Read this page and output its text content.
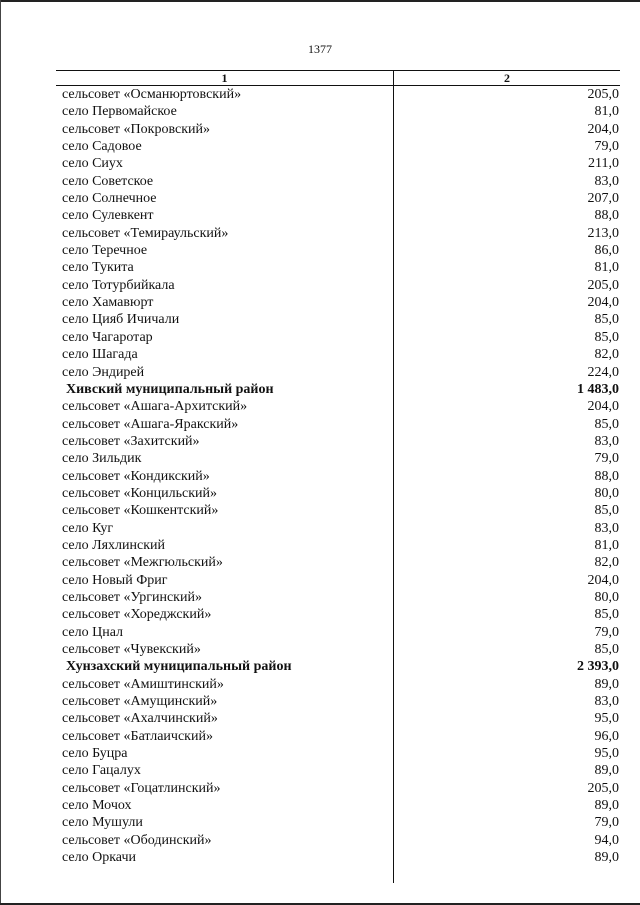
1377
1	2
сельсовет «Османюртовский»	205,0
село Первомайское	81,0
сельсовет «Покровский»	204,0
село Садовое	79,0
село Сиух	211,0
село Советское	83,0
село Солнечное	207,0
село Сулевкент	88,0
сельсовет «Темираульский»	213,0
село Теречное	86,0
село Тукита	81,0
село Тотурбийкала	205,0
село Хамавюрт	204,0
село Цияб Ичичали	85,0
село Чагаротар	85,0
село Шагада	82,0
село Эндирей	224,0
Хивский муниципальный район	1 483,0
сельсовет «Ашага-Архитский»	204,0
сельсовет «Ашага-Яракский»	85,0
сельсовет «Захитский»	83,0
село Зильдик	79,0
сельсовет «Кондикский»	88,0
сельсовет «Концильский»	80,0
сельсовет «Кошкентский»	85,0
село Куг	83,0
село Ляхлинский	81,0
сельсовет «Межгюльский»	82,0
село Новый Фриг	204,0
сельсовет «Ургинский»	80,0
сельсовет «Хореджский»	85,0
село Цнал	79,0
сельсовет «Чувекский»	85,0
Хунзахский муниципальный район	2 393,0
сельсовет «Амиштинский»	89,0
сельсовет «Амущинский»	83,0
сельсовет «Ахалчинский»	95,0
сельсовет «Батлаичский»	96,0
село Буцра	95,0
село Гацалух	89,0
сельсовет «Гоцатлинский»	205,0
село Мочох	89,0
село Мушули	79,0
сельсовет «Ободинский»	94,0
село Оркачи	89,0
